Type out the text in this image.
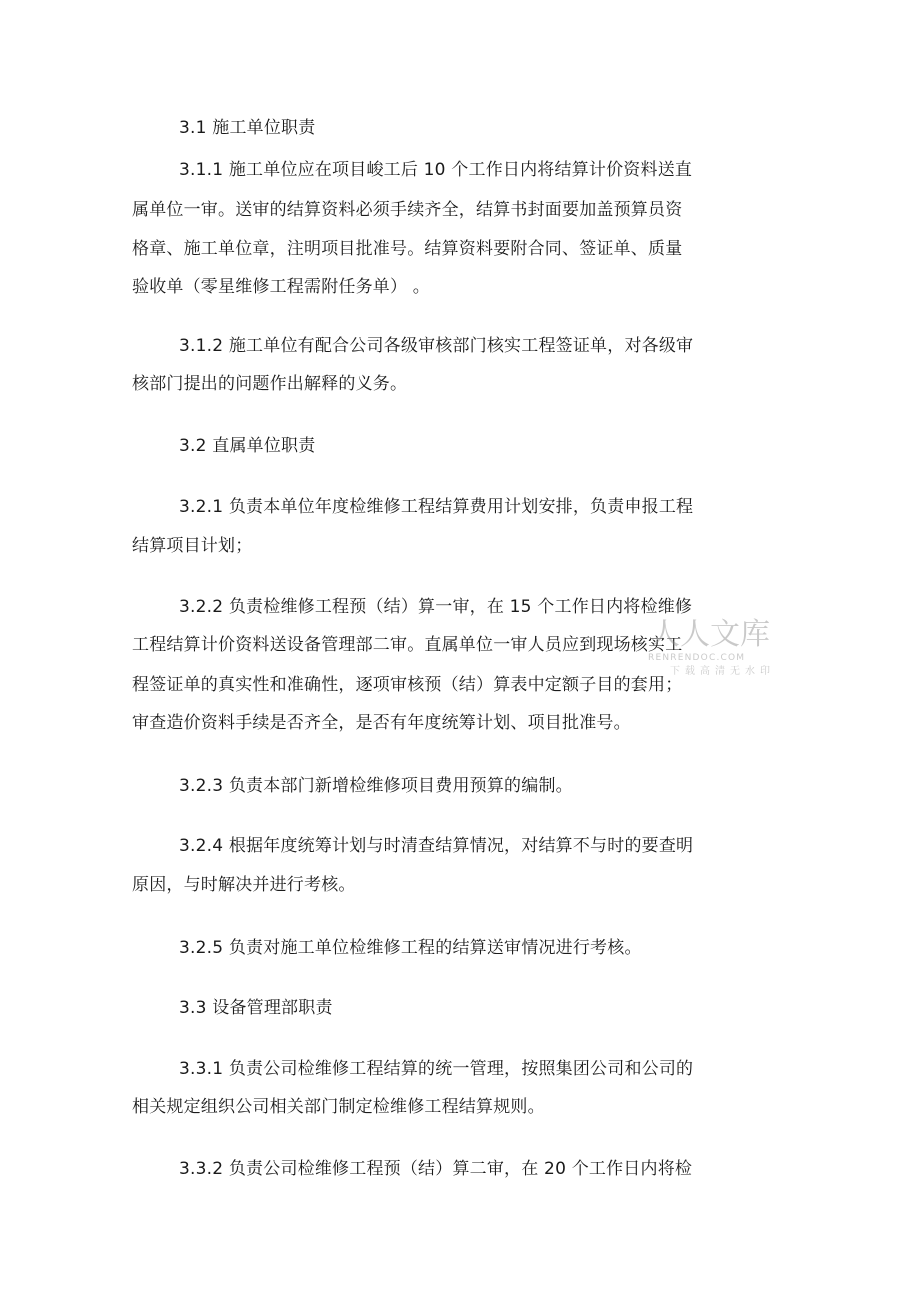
3.1 施工单位职责
3.1.1 施工单位应在项目峻工后 10 个工作日内将结算计价资料送直
属单位一审。送审的结算资料必须手续齐全，结算书封面要加盖预算员资
格章、施工单位章，注明项目批准号。结算资料要附合同、签证单、质量
验收单（零星维修工程需附任务单） 。
3.1.2 施工单位有配合公司各级审核部门核实工程签证单，对各级审
核部门提出的问题作出解释的义务。
3.2 直属单位职责
3.2.1 负责本单位年度检维修工程结算费用计划安排，负责申报工程
结算项目计划；
3.2.2 负责检维修工程预（结）算一审，在 15 个工作日内将检维修
工程结算计价资料送设备管理部二审。直属单位一审人员应到现场核实工
程签证单的真实性和准确性，逐项审核预（结）算表中定额子目的套用；
审查造价资料手续是否齐全，是否有年度统筹计划、项目批准号。
3.2.3 负责本部门新增检维修项目费用预算的编制。
3.2.4 根据年度统筹计划与时清查结算情况，对结算不与时的要查明
原因，与时解决并进行考核。
3.2.5 负责对施工单位检维修工程的结算送审情况进行考核。
3.3 设备管理部职责
3.3.1 负责公司检维修工程结算的统一管理，按照集团公司和公司的
相关规定组织公司相关部门制定检维修工程结算规则。
3.3.2 负责公司检维修工程预（结）算二审，在 20 个工作日内将检
人人文库
RENRENDOC.COM
下载高清无水印
